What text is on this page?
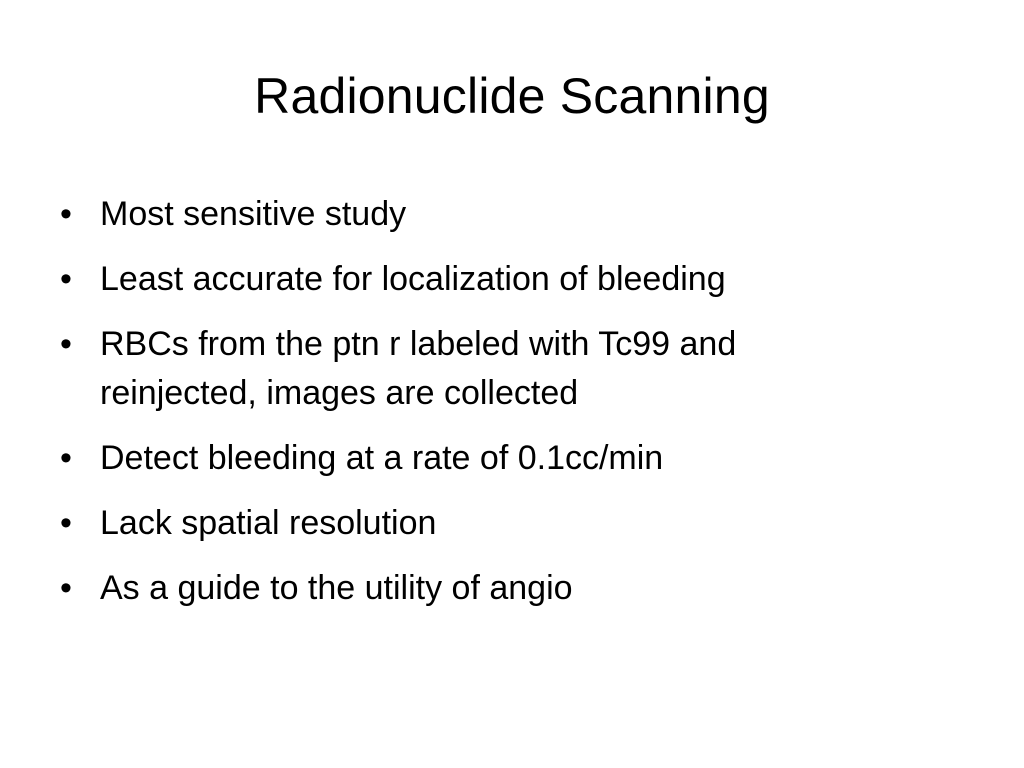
Radionuclide Scanning
• Most sensitive study
• Least accurate for localization of bleeding
• RBCs from the ptn r labeled with Tc99 and reinjected, images are collected
• Detect bleeding at a rate of 0.1cc/min
• Lack spatial resolution
• As a guide to the utility of angio
